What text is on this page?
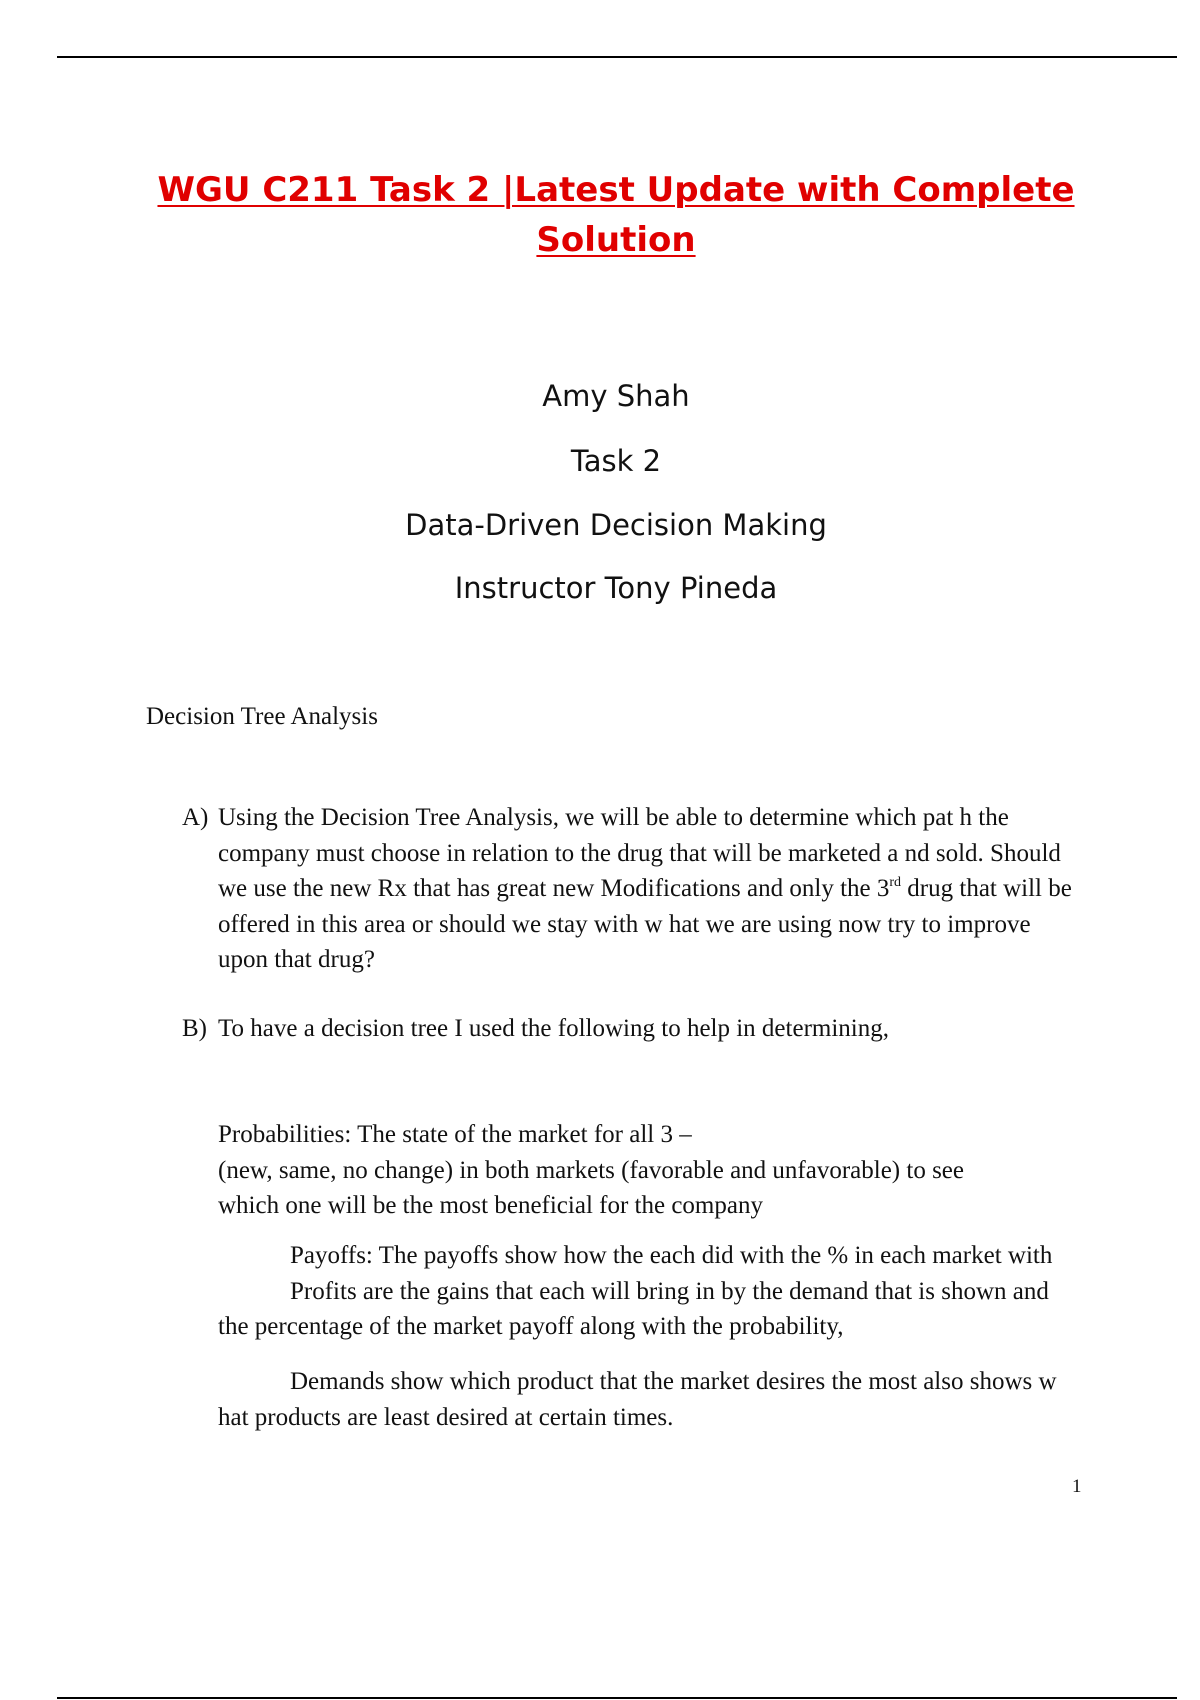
WGU C211 Task 2 |Latest Update with Complete
Solution
Amy Shah
Task 2
Data-Driven Decision Making
Instructor Tony Pineda
Decision Tree Analysis
A) Using the Decision Tree Analysis, we will be able to determine which pat h the company must choose in relation to the drug that will be marketed a nd sold. Should we use the new Rx that has great new Modifications and only the 3rd drug that will be offered in this area or should we stay with w hat we are using now try to improve upon that drug?
B) To have a decision tree I used the following to help in determining,
Probabilities: The state of the market for all 3 –
(new, same, no change) in both markets (favorable and unfavorable) to see
which one will be the most beneficial for the company
Payoffs: The payoffs show how the each did with the % in each market with
Profits are the gains that each will bring in by the demand that is shown and
the percentage of the market payoff along with the probability,
Demands show which product that the market desires the most also shows w
hat products are least desired at certain times.
1
